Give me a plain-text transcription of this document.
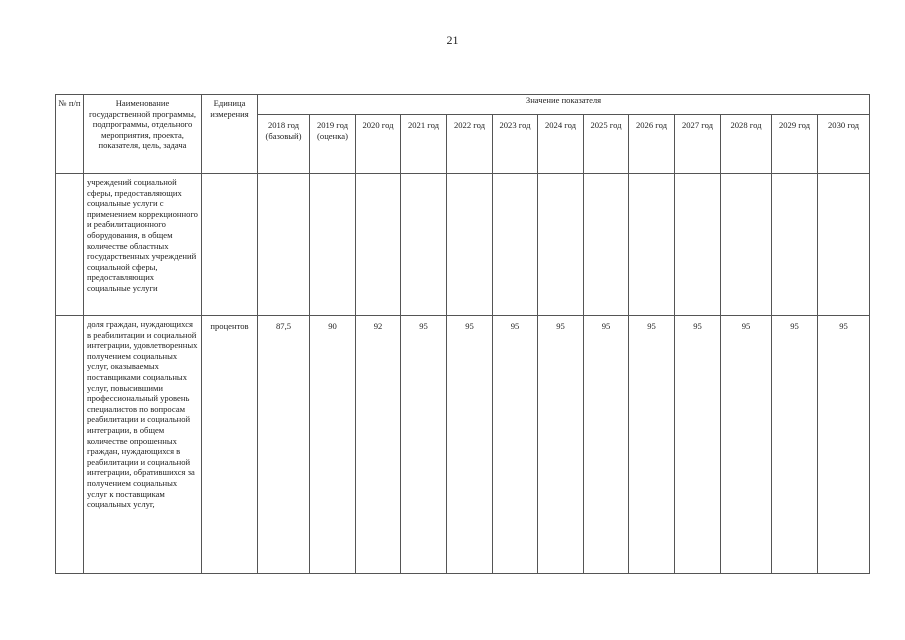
21
№ п/п	Наименование государственной программы, подпрограммы, отдельного мероприятия, проекта, показателя, цель, задача	Единица измерения	Значение показателя												
			2018 год (базовый)	2019 год (оценка)	2020 год	2021 год	2022 год	2023 год	2024 год	2025 год	2026 год	2027 год	2028 год	2029 год	2030 год
	учреждений социальной сферы, предоставляющих социальные услуги с применением коррекционного и реабилитационного оборудования, в общем количестве областных государственных учреждений социальной сферы, предоставляющих социальные услуги														
	доля граждан, нуждающихся в реабилитации и социальной интеграции, удовлетворенных получением социальных услуг, оказываемых поставщиками социальных услуг, повысившими профессиональный уровень специалистов по вопросам реабилитации и социальной интеграции, в общем количестве опрошенных граждан, нуждающихся в реабилитации и социальной интеграции, обратившихся за получением социальных услуг к поставщикам социальных услуг,	процентов	87,5	90	92	95	95	95	95	95	95	95	95	95	95
